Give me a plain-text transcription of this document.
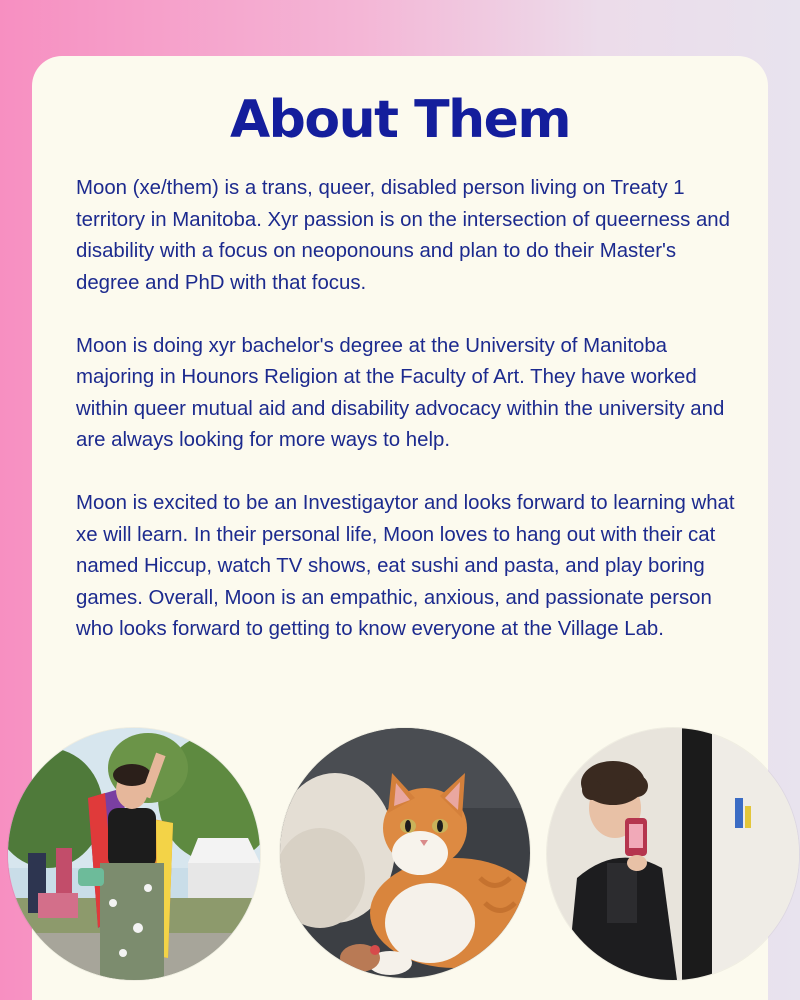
About Them

Moon (xe/them) is a trans, queer, disabled person living on Treaty 1 territory in Manitoba. Xyr passion is on the intersection of queerness and disability with a focus on neoponouns and plan to do their Master's degree and PhD with that focus.

Moon is doing xyr bachelor's degree at the University of Manitoba majoring in Hounors Religion at the Faculty of Art. They have worked within queer mutual aid and disability advocacy within the university and are always looking for more ways to help.

Moon is excited to be an Investigaytor and looks forward to learning what xe will learn. In their personal life, Moon loves to hang out with their cat named Hiccup, watch TV shows, eat sushi and pasta, and play boring games. Overall, Moon is an empathic, anxious, and passionate person who looks forward to getting to know everyone at the Village Lab.
